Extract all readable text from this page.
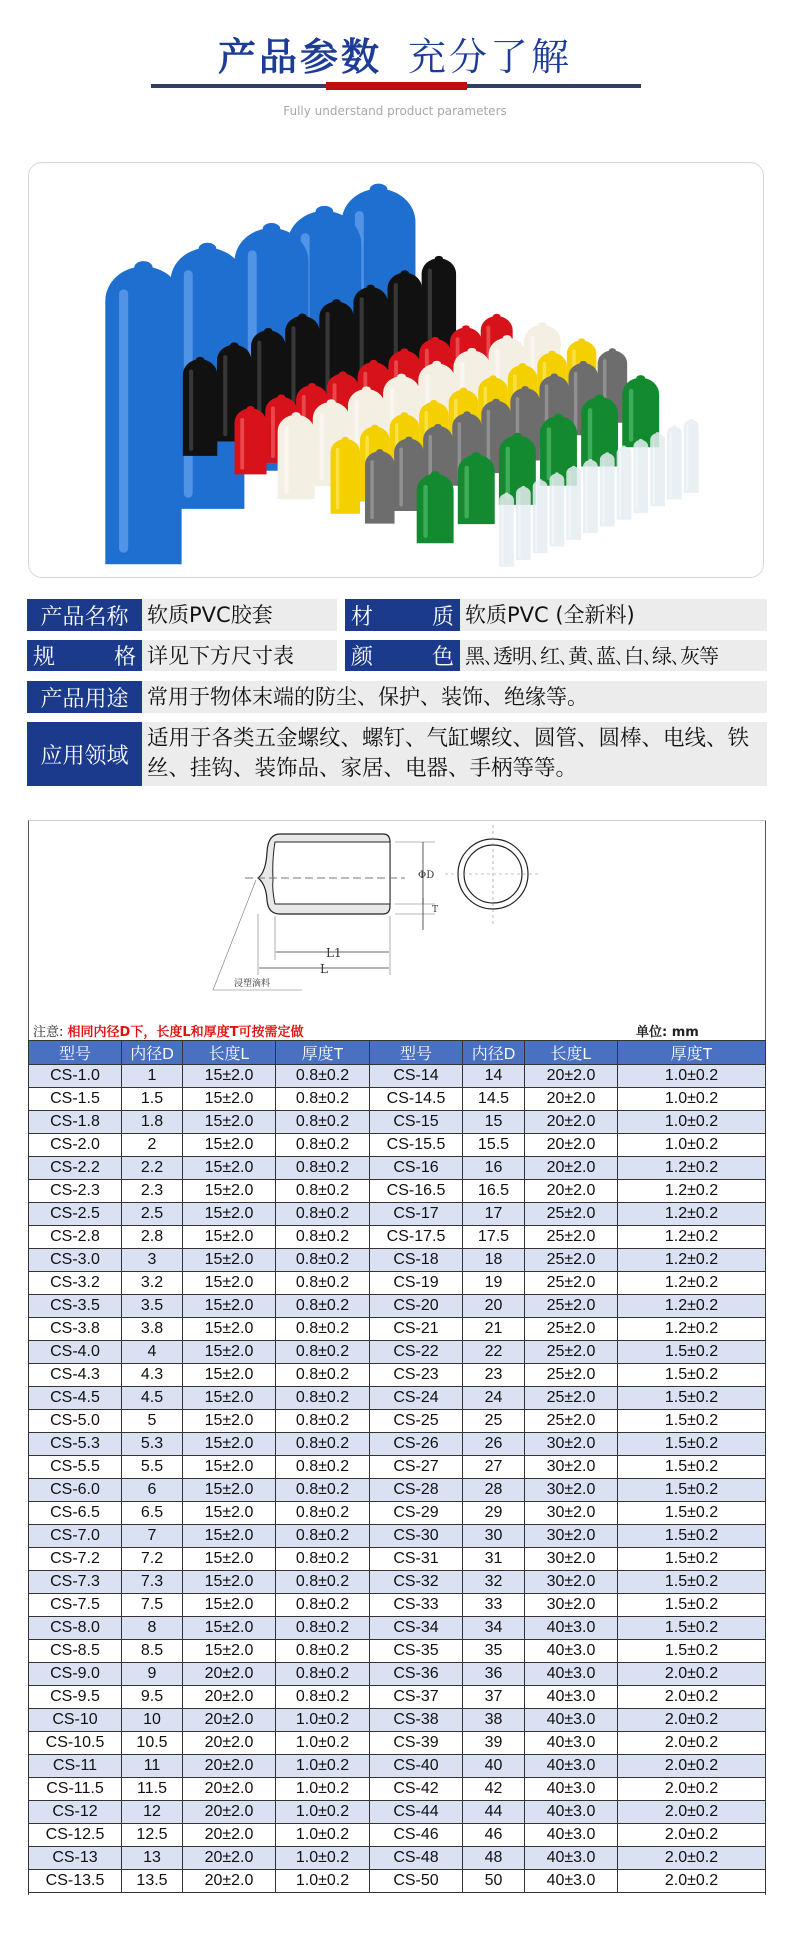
产品参数 充分了解
Fully understand product parameters
产品名称 软质PVC胶套	材	质 软质PVC (全新料)
规	格 详见下方尺寸表	颜	色 黑､透明､红､黄､蓝､白､绿､灰等
产品用途 常用于物体末端的防尘、保护、装饰、绝缘等。
应用领域
适用于各类五金螺纹、螺钉、气缸螺纹、圆管、圆棒、电线、铁丝、挂钩、装饰品、家居、电器、手柄等等。
ΦD
T
L1
L
浸塑滴料
注意: 相同内径D下，长度L和厚度T可按需定做	单位: mm
型号	内径D	长度L	厚度T	型号	内径D	长度L	厚度T
CS-1.0	1	15±2.0	0.8±0.2	CS-14	14	20±2.0	1.0±0.2
CS-1.5	1.5	15±2.0	0.8±0.2	CS-14.5	14.5	20±2.0	1.0±0.2
CS-1.8	1.8	15±2.0	0.8±0.2	CS-15	15	20±2.0	1.0±0.2
CS-2.0	2	15±2.0	0.8±0.2	CS-15.5	15.5	20±2.0	1.0±0.2
CS-2.2	2.2	15±2.0	0.8±0.2	CS-16	16	20±2.0	1.2±0.2
CS-2.3	2.3	15±2.0	0.8±0.2	CS-16.5	16.5	20±2.0	1.2±0.2
CS-2.5	2.5	15±2.0	0.8±0.2	CS-17	17	25±2.0	1.2±0.2
CS-2.8	2.8	15±2.0	0.8±0.2	CS-17.5	17.5	25±2.0	1.2±0.2
CS-3.0	3	15±2.0	0.8±0.2	CS-18	18	25±2.0	1.2±0.2
CS-3.2	3.2	15±2.0	0.8±0.2	CS-19	19	25±2.0	1.2±0.2
CS-3.5	3.5	15±2.0	0.8±0.2	CS-20	20	25±2.0	1.2±0.2
CS-3.8	3.8	15±2.0	0.8±0.2	CS-21	21	25±2.0	1.2±0.2
CS-4.0	4	15±2.0	0.8±0.2	CS-22	22	25±2.0	1.5±0.2
CS-4.3	4.3	15±2.0	0.8±0.2	CS-23	23	25±2.0	1.5±0.2
CS-4.5	4.5	15±2.0	0.8±0.2	CS-24	24	25±2.0	1.5±0.2
CS-5.0	5	15±2.0	0.8±0.2	CS-25	25	25±2.0	1.5±0.2
CS-5.3	5.3	15±2.0	0.8±0.2	CS-26	26	30±2.0	1.5±0.2
CS-5.5	5.5	15±2.0	0.8±0.2	CS-27	27	30±2.0	1.5±0.2
CS-6.0	6	15±2.0	0.8±0.2	CS-28	28	30±2.0	1.5±0.2
CS-6.5	6.5	15±2.0	0.8±0.2	CS-29	29	30±2.0	1.5±0.2
CS-7.0	7	15±2.0	0.8±0.2	CS-30	30	30±2.0	1.5±0.2
CS-7.2	7.2	15±2.0	0.8±0.2	CS-31	31	30±2.0	1.5±0.2
CS-7.3	7.3	15±2.0	0.8±0.2	CS-32	32	30±2.0	1.5±0.2
CS-7.5	7.5	15±2.0	0.8±0.2	CS-33	33	30±2.0	1.5±0.2
CS-8.0	8	15±2.0	0.8±0.2	CS-34	34	40±3.0	1.5±0.2
CS-8.5	8.5	15±2.0	0.8±0.2	CS-35	35	40±3.0	1.5±0.2
CS-9.0	9	20±2.0	0.8±0.2	CS-36	36	40±3.0	2.0±0.2
CS-9.5	9.5	20±2.0	0.8±0.2	CS-37	37	40±3.0	2.0±0.2
CS-10	10	20±2.0	1.0±0.2	CS-38	38	40±3.0	2.0±0.2
CS-10.5	10.5	20±2.0	1.0±0.2	CS-39	39	40±3.0	2.0±0.2
CS-11	11	20±2.0	1.0±0.2	CS-40	40	40±3.0	2.0±0.2
CS-11.5	11.5	20±2.0	1.0±0.2	CS-42	42	40±3.0	2.0±0.2
CS-12	12	20±2.0	1.0±0.2	CS-44	44	40±3.0	2.0±0.2
CS-12.5	12.5	20±2.0	1.0±0.2	CS-46	46	40±3.0	2.0±0.2
CS-13	13	20±2.0	1.0±0.2	CS-48	48	40±3.0	2.0±0.2
CS-13.5	13.5	20±2.0	1.0±0.2	CS-50	50	40±3.0	2.0±0.2
